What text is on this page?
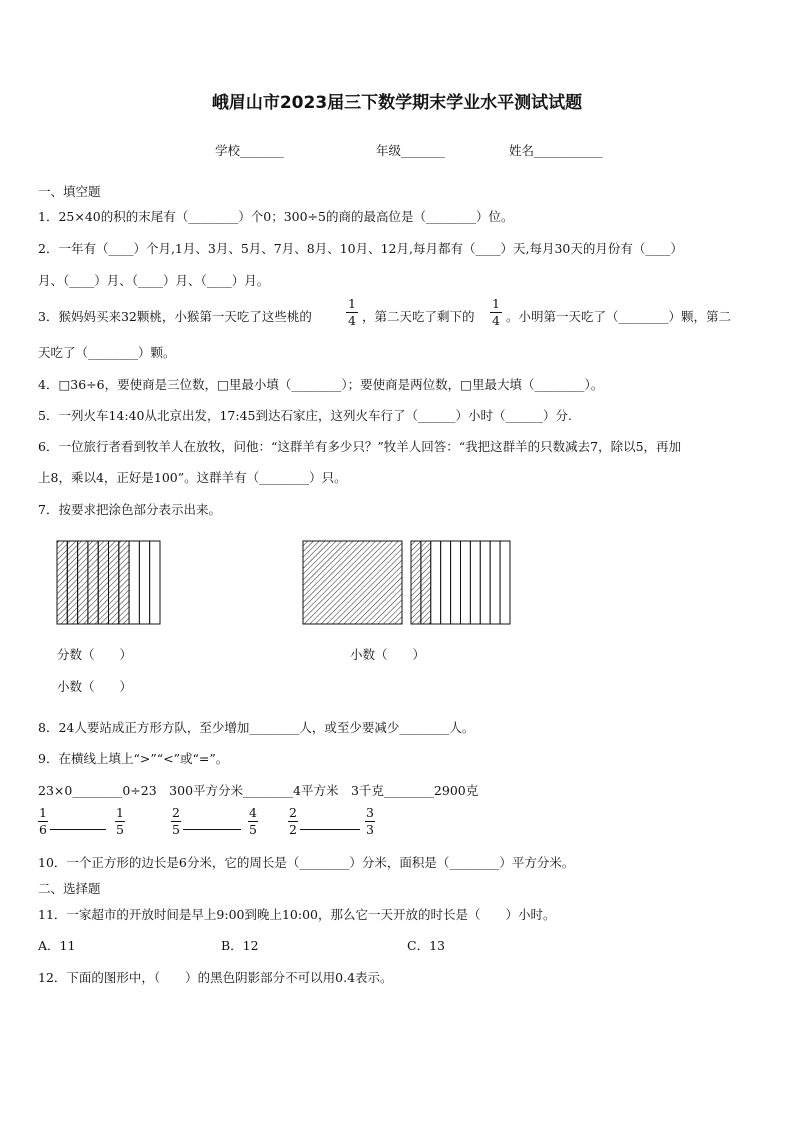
峨眉山市2023届三下数学期末学业水平测试试题
学校_______	年级_______	姓名___________
一、填空题
1．25×40的积的末尾有（________）个0；300÷5的商的最高位是（________）位。
2．一年有（____）个月,1月、3月、5月、7月、8月、10月、12月,每月都有（____）天,每月30天的月份有（____）
月、（____）月、（____）月、（____）月。
3．猴妈妈买来32颗桃，小猴第一天吃了这些桃的
1
4 ，第二天吃了剩下的
1
4 。小明第一天吃了（________）颗，第二
天吃了（________）颗。
4．□36÷6，要使商是三位数，□里最小填（________）；要使商是两位数，□里最大填（________）。
5．一列火车14:40从北京出发，17:45到达石家庄，这列火车行了（______）小时（______）分.
6．一位旅行者看到牧羊人在放牧，问他：“这群羊有多少只？”牧羊人回答：“我把这群羊的只数减去7，除以5，再加
上8，乘以4，正好是100”。这群羊有（________）只。
7．按要求把涂色部分表示出来。
分数（　　）
小数（　　）
小数（　　）
8．24人要站成正方形方队，至少增加________人，或至少要减少________人。
9．在横线上填上“>”“<”或“=”。
23×0________0÷23　300平方分米________4平方米　3千克________2900克
1
6
1
5
2
5
4
5
2
2
3
3
10．一个正方形的边长是6分米，它的周长是（________）分米，面积是（________）平方分米。
二、选择题
11．一家超市的开放时间是早上9:00到晚上10:00，那么它一天开放的时长是（　　）小时。
A．11	B．12	C．13
12．下面的图形中，（　　）的黑色阴影部分不可以用0.4表示。
